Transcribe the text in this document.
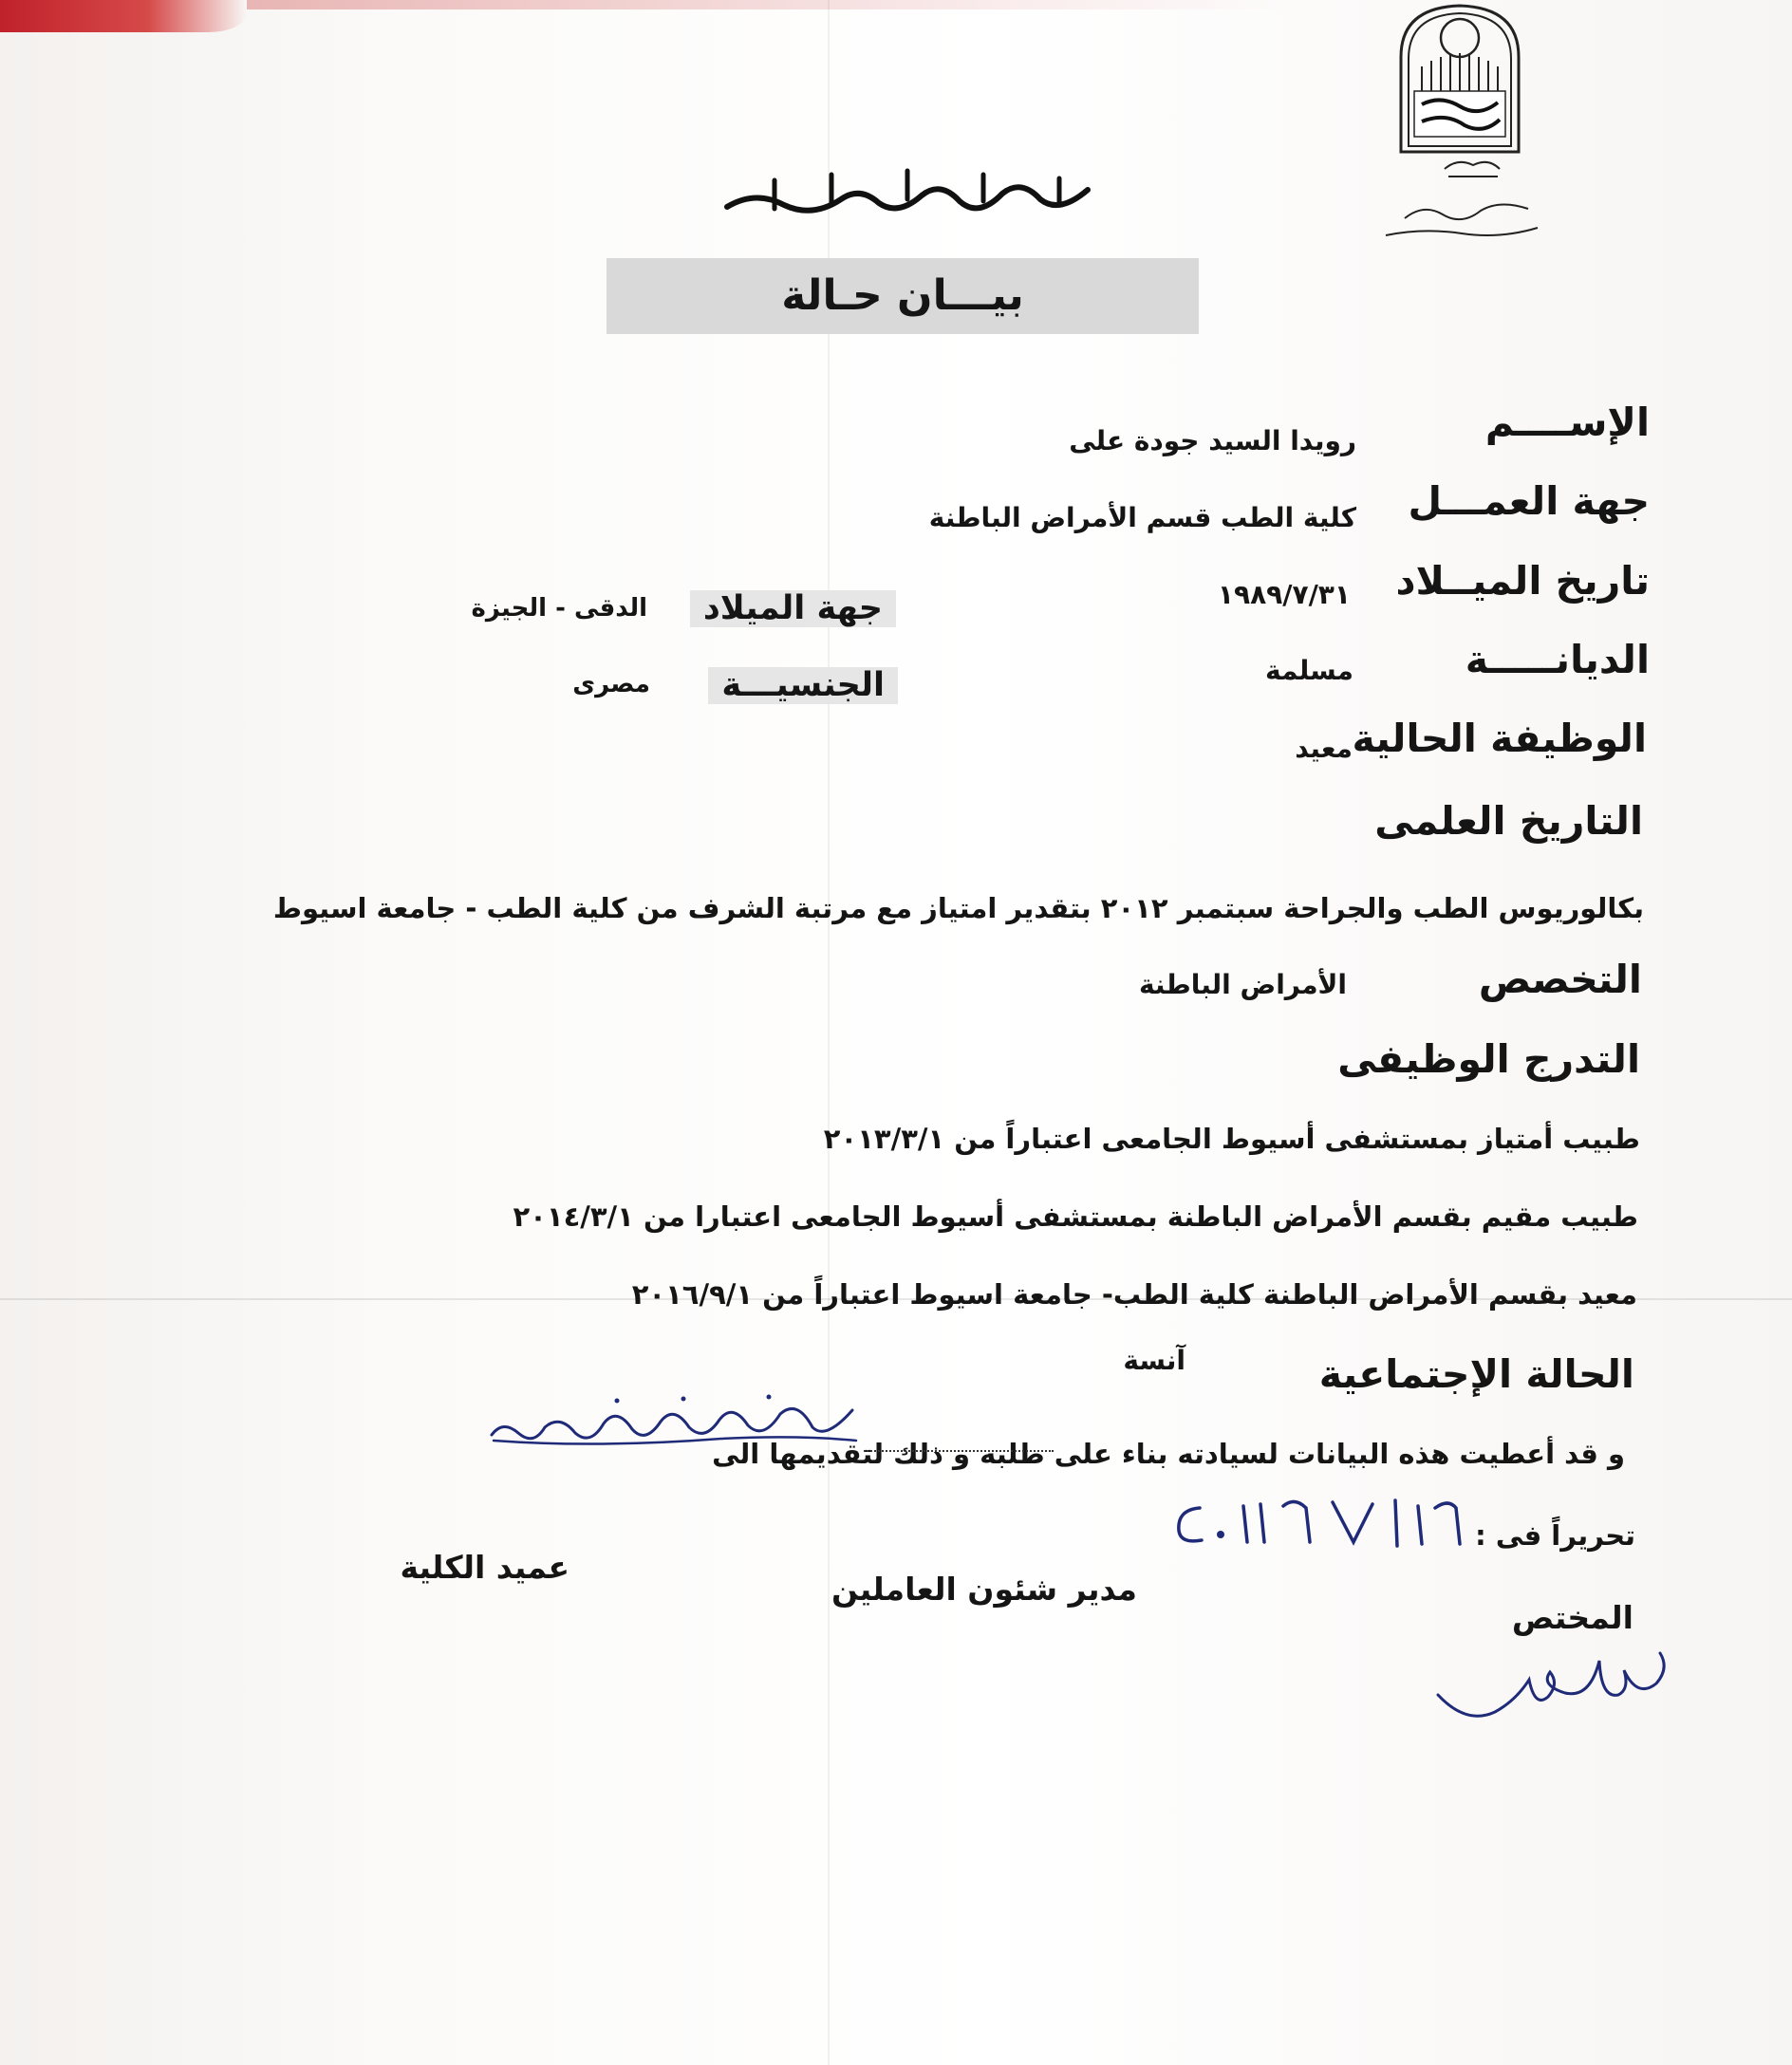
بيـــان حـالة
الإســــم
رويدا السيد جودة على
جهة العمـــل
كلية الطب قسم الأمراض الباطنة
تاريخ الميــلاد
١٩٨٩/٧/٣١
جهة الميلاد
الدقى - الجيزة
الديانـــــة
مسلمة
الجنسيـــة
مصرى
الوظيفة الحالية
معيد
التاريخ العلمى
بكالوريوس الطب والجراحة سبتمبر ٢٠١٢ بتقدير امتياز مع مرتبة الشرف من كلية الطب - جامعة اسيوط
التخصص
الأمراض الباطنة
التدرج الوظيفى
طبيب أمتياز بمستشفى أسيوط الجامعى اعتباراً من ٢٠١٣/٣/١
طبيب مقيم بقسم الأمراض الباطنة بمستشفى أسيوط الجامعى اعتبارا من ٢٠١٤/٣/١
معيد بقسم الأمراض الباطنة كلية الطب- جامعة اسيوط اعتباراً من ٢٠١٦/٩/١
الحالة الإجتماعية
آنسة
و قد أعطيت هذه البيانات لسيادته بناء على طلبه و ذلك لتقديمها الى
تحريراً فى :
عميد الكلية
مدير شئون العاملين
المختص
